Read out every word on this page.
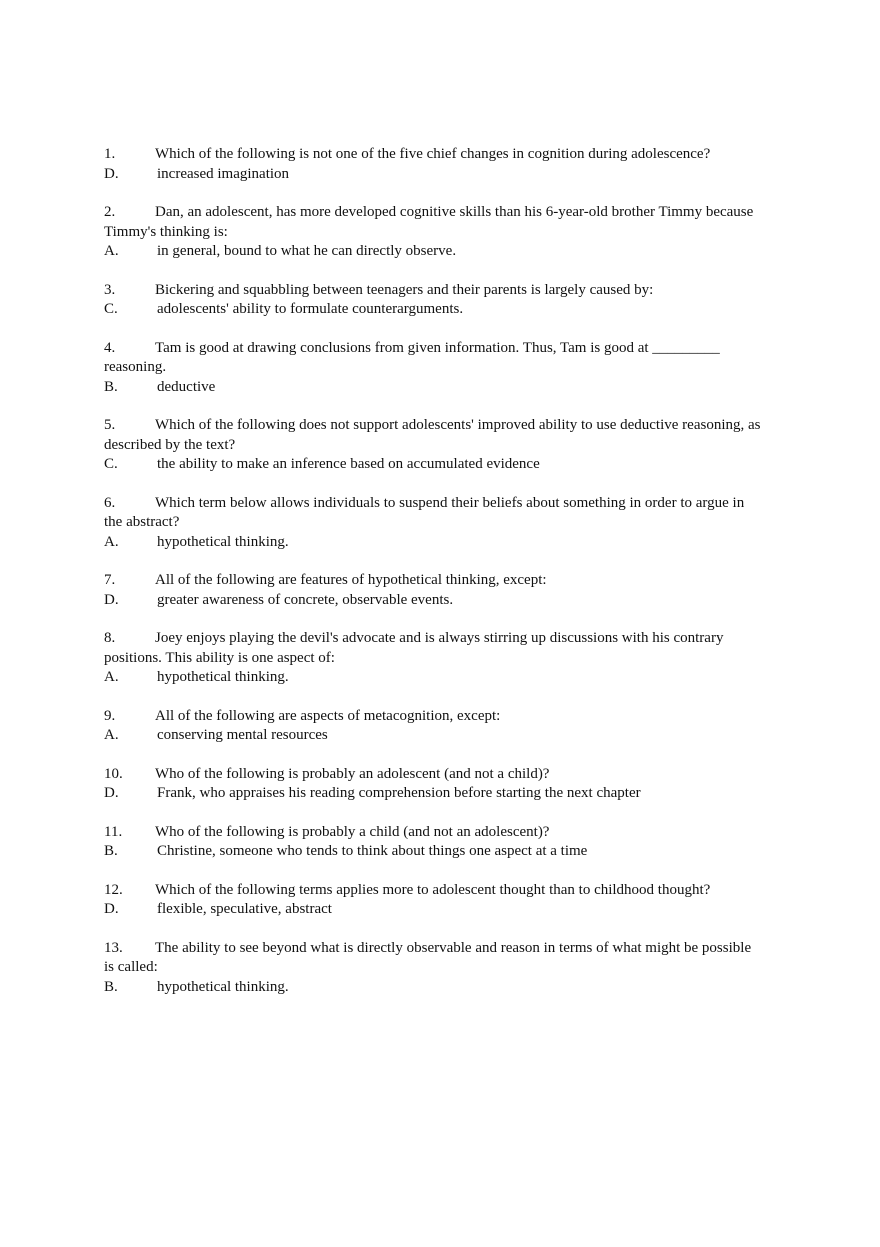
1.	Which of the following is not one of the five chief changes in cognition during adolescence?
D.	increased imagination
2.	Dan, an adolescent, has more developed cognitive skills than his 6-year-old brother Timmy because Timmy's thinking is:
A.	in general, bound to what he can directly observe.
3.	Bickering and squabbling between teenagers and their parents is largely caused by:
C.	adolescents' ability to formulate counterarguments.
4.	Tam is good at drawing conclusions from given information. Thus, Tam is good at _________ reasoning.
B.	deductive
5.	Which of the following does not support adolescents' improved ability to use deductive reasoning, as described by the text?
C.	the ability to make an inference based on accumulated evidence
6.	Which term below allows individuals to suspend their beliefs about something in order to argue in the abstract?
A.	hypothetical thinking.
7.	All of the following are features of hypothetical thinking, except:
D.	greater awareness of concrete, observable events.
8.	Joey enjoys playing the devil's advocate and is always stirring up discussions with his contrary positions. This ability is one aspect of:
A.	hypothetical thinking.
9.	All of the following are aspects of metacognition, except:
A.	conserving mental resources
10. Who of the following is probably an adolescent (and not a child)?
D.	Frank, who appraises his reading comprehension before starting the next chapter
11. Who of the following is probably a child (and not an adolescent)?
B.	Christine, someone who tends to think about things one aspect at a time
12. Which of the following terms applies more to adolescent thought than to childhood thought?
D.	flexible, speculative, abstract
13. The ability to see beyond what is directly observable and reason in terms of what might be possible is called:
B.	hypothetical thinking.
